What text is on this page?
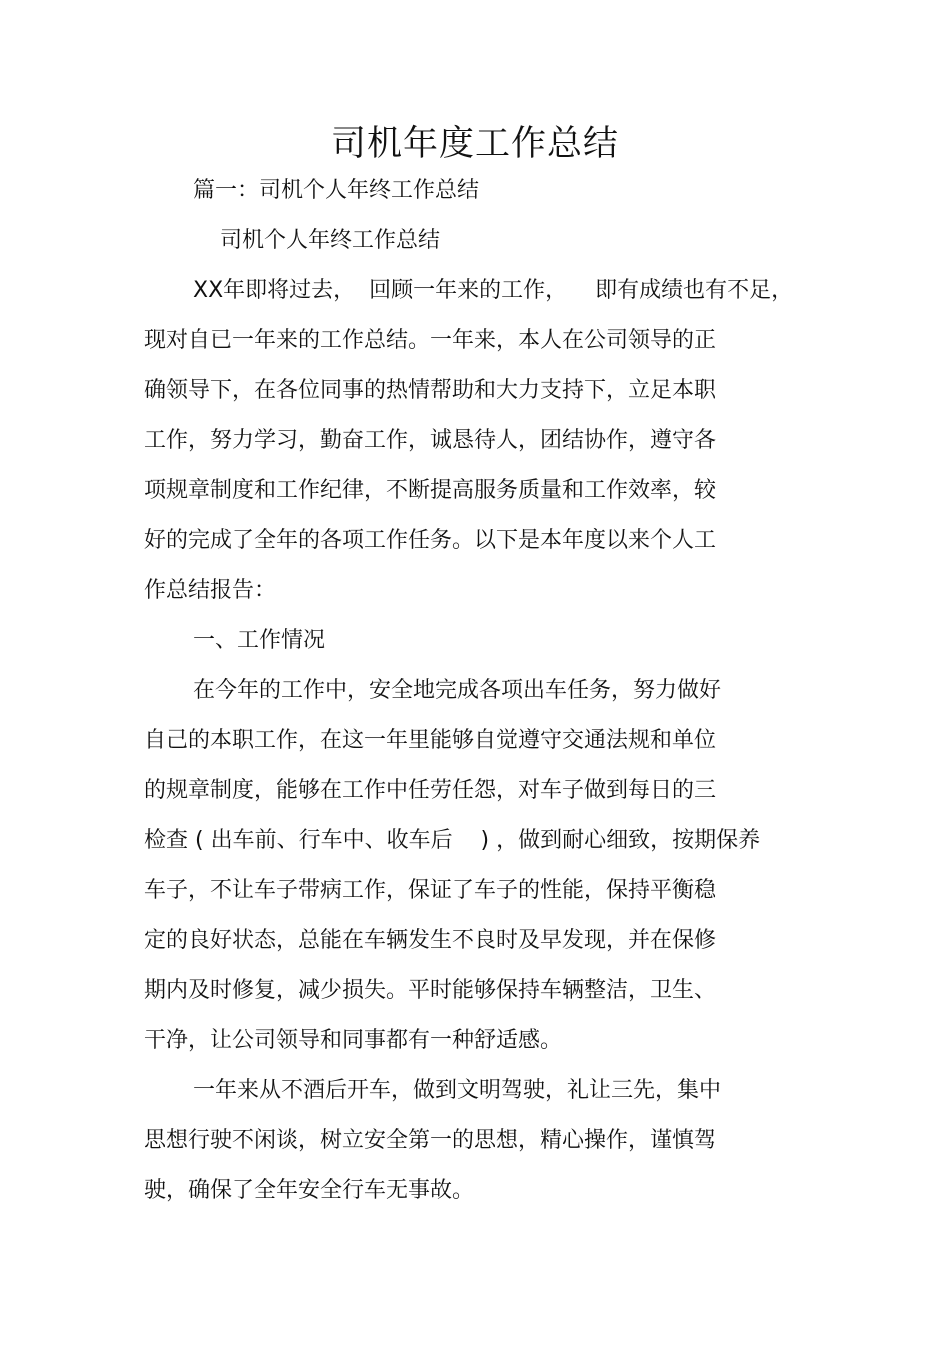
司机年度工作总结
篇一：司机个人年终工作总结
司机个人年终工作总结
XX年即将过去，  回顾一年来的工作，    即有成绩也有不足，
现对自已一年来的工作总结。一年来，本人在公司领导的正
确领导下，在各位同事的热情帮助和大力支持下，立足本职
工作，努力学习，勤奋工作，诚恳待人，团结协作，遵守各
项规章制度和工作纪律，不断提高服务质量和工作效率，较
好的完成了全年的各项工作任务。以下是本年度以来个人工
作总结报告：
一、工作情况
在今年的工作中，安全地完成各项出车任务，努力做好
自己的本职工作，在这一年里能够自觉遵守交通法规和单位
的规章制度，能够在工作中任劳任怨，对车子做到每日的三
检查 ( 出车前、行车中、收车后    ) ，做到耐心细致，按期保养
车子，不让车子带病工作，保证了车子的性能，保持平衡稳
定的良好状态，总能在车辆发生不良时及早发现，并在保修
期内及时修复，减少损失。平时能够保持车辆整洁，卫生、
干净，让公司领导和同事都有一种舒适感。
一年来从不酒后开车，做到文明驾驶，礼让三先，集中
思想行驶不闲谈，树立安全第一的思想，精心操作，谨慎驾
驶，确保了全年安全行车无事故。
